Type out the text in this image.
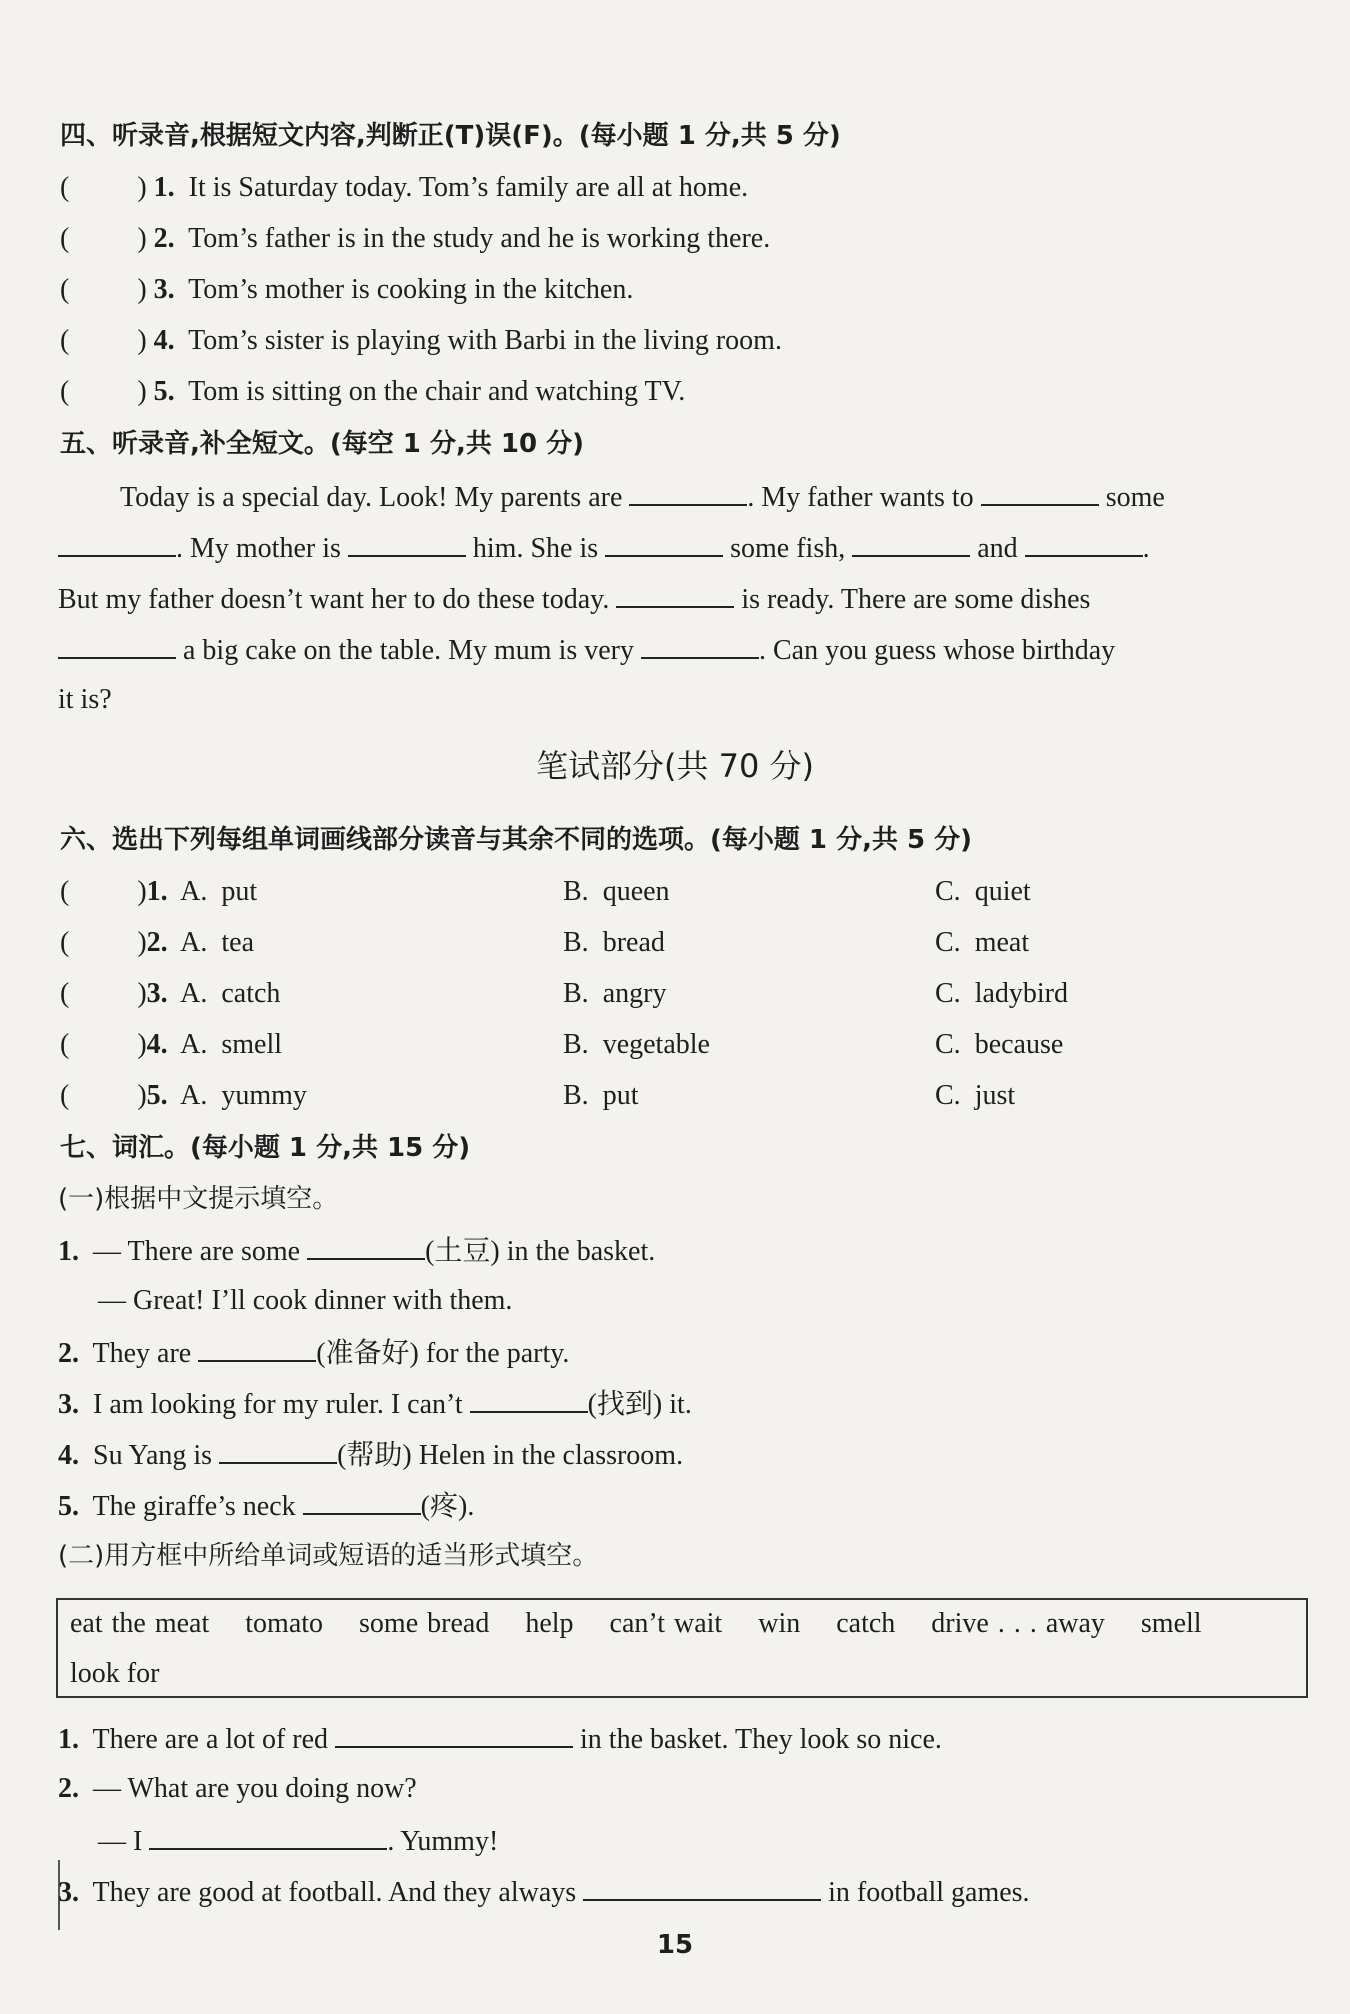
四、听录音,根据短文内容,判断正(T)误(F)。(每小题 1 分,共 5 分)
( ) 1. It is Saturday today. Tom’s family are all at home.
( ) 2. Tom’s father is in the study and he is working there.
( ) 3. Tom’s mother is cooking in the kitchen.
( ) 4. Tom’s sister is playing with Barbi in the living room.
( ) 5. Tom is sitting on the chair and watching TV.
五、听录音,补全短文。(每空 1 分,共 10 分)
Today is a special day. Look! My parents are	. My father wants to	some
. My mother is	him. She is	some fish,	and	.
But my father doesn’t want her to do these today.	is ready. There are some dishes
a big cake on the table. My mum is very	. Can you guess whose birthday
it is?
笔试部分(共 70 分)
六、选出下列每组单词画线部分读音与其余不同的选项。(每小题 1 分,共 5 分)
( )1. A. put	B. queen	C. quiet
( )2. A. tea	B. bread	C. meat
( )3. A. catch	B. angry	C. ladybird
( )4. A. smell	B. vegetable	C. because
( )5. A. yummy	B. put	C. just
七、词汇。(每小题 1 分,共 15 分)
(一)根据中文提示填空。
1. — There are some	(土豆) in the basket.
— Great! I’ll cook dinner with them.
2. They are	(准备好) for the party.
3. I am looking for my ruler. I can’t	(找到) it.
4. Su Yang is	(帮助) Helen in the classroom.
5. The giraffe’s neck	(疼).
(二)用方框中所给单词或短语的适当形式填空。
eat the meat tomato some bread help can’t wait win catch drive . . . away smell
look for
1. There are a lot of red	in the basket. They look so nice.
2. — What are you doing now?
— I	. Yummy!
3. They are good at football. And they always	in football games.
15
